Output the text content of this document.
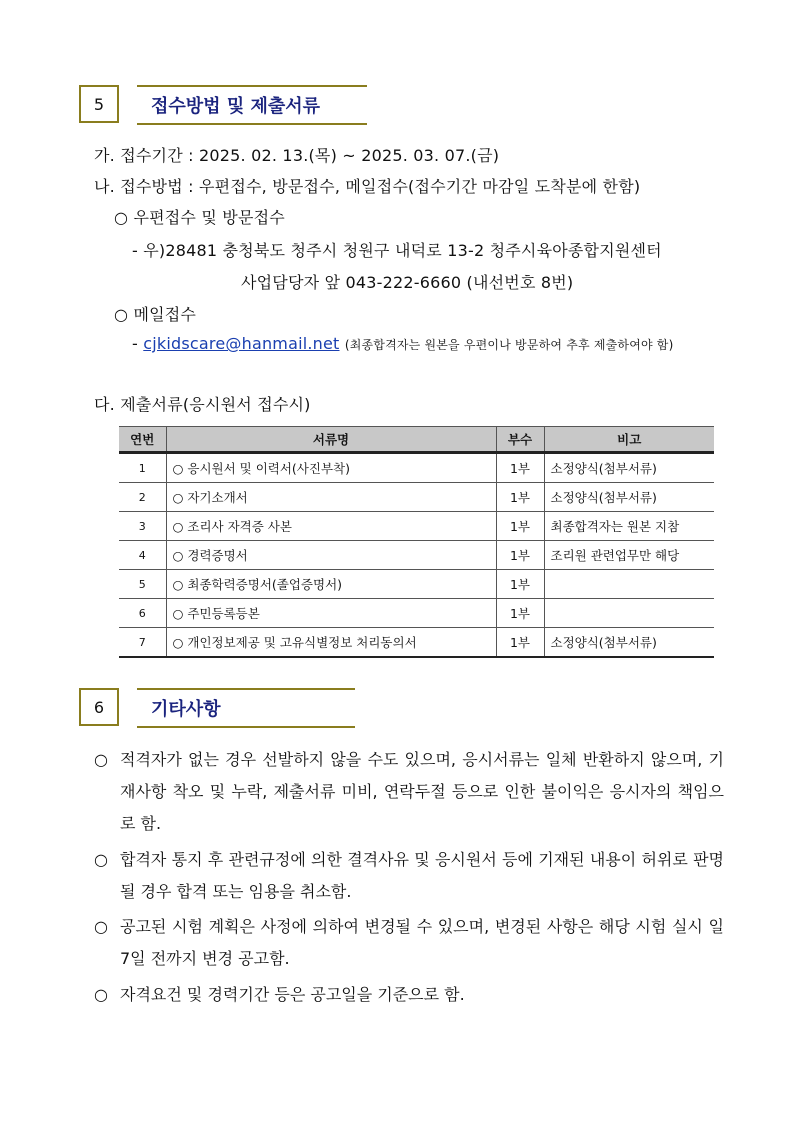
5	접수방법 및 제출서류
가. 접수기간 : 2025. 02. 13.(목) ~ 2025. 03. 07.(금)
나. 접수방법 : 우편접수, 방문접수, 메일접수(접수기간 마감일 도착분에 한함)
○ 우편접수 및 방문접수
- 우)28481 충청북도 청주시 청원구 내덕로 13-2 청주시육아종합지원센터
사업담당자 앞 043-222-6660 (내선번호 8번)
○ 메일접수
- cjkidscare@hanmail.net (최종합격자는 원본을 우편이나 방문하여 추후 제출하여야 함)
다. 제출서류(응시원서 접수시)
연번	서류명	부수	비고
1	○ 응시원서 및 이력서(사진부착)	1부	소정양식(첨부서류)
2	○ 자기소개서	1부	소정양식(첨부서류)
3	○ 조리사 자격증 사본	1부	최종합격자는 원본 지참
4	○ 경력증명서	1부	조리원 관련업무만 해당
5	○ 최종학력증명서(졸업증명서)	1부	
6	○ 주민등록등본	1부	
7	○ 개인정보제공 및 고유식별정보 처리동의서	1부	소정양식(첨부서류)
6	기타사항
○ 적격자가 없는 경우 선발하지 않을 수도 있으며, 응시서류는 일체 반환하지 않으며, 기재사항 착오 및 누락, 제출서류 미비, 연락두절 등으로 인한 불이익은 응시자의 책임으로 함.
○ 합격자 통지 후 관련규정에 의한 결격사유 및 응시원서 등에 기재된 내용이 허위로 판명 될 경우 합격 또는 임용을 취소함.
○ 공고된 시험 계획은 사정에 의하여 변경될 수 있으며, 변경된 사항은 해당 시험 실시 일 7일 전까지 변경 공고함.
○ 자격요건 및 경력기간 등은 공고일을 기준으로 함.
